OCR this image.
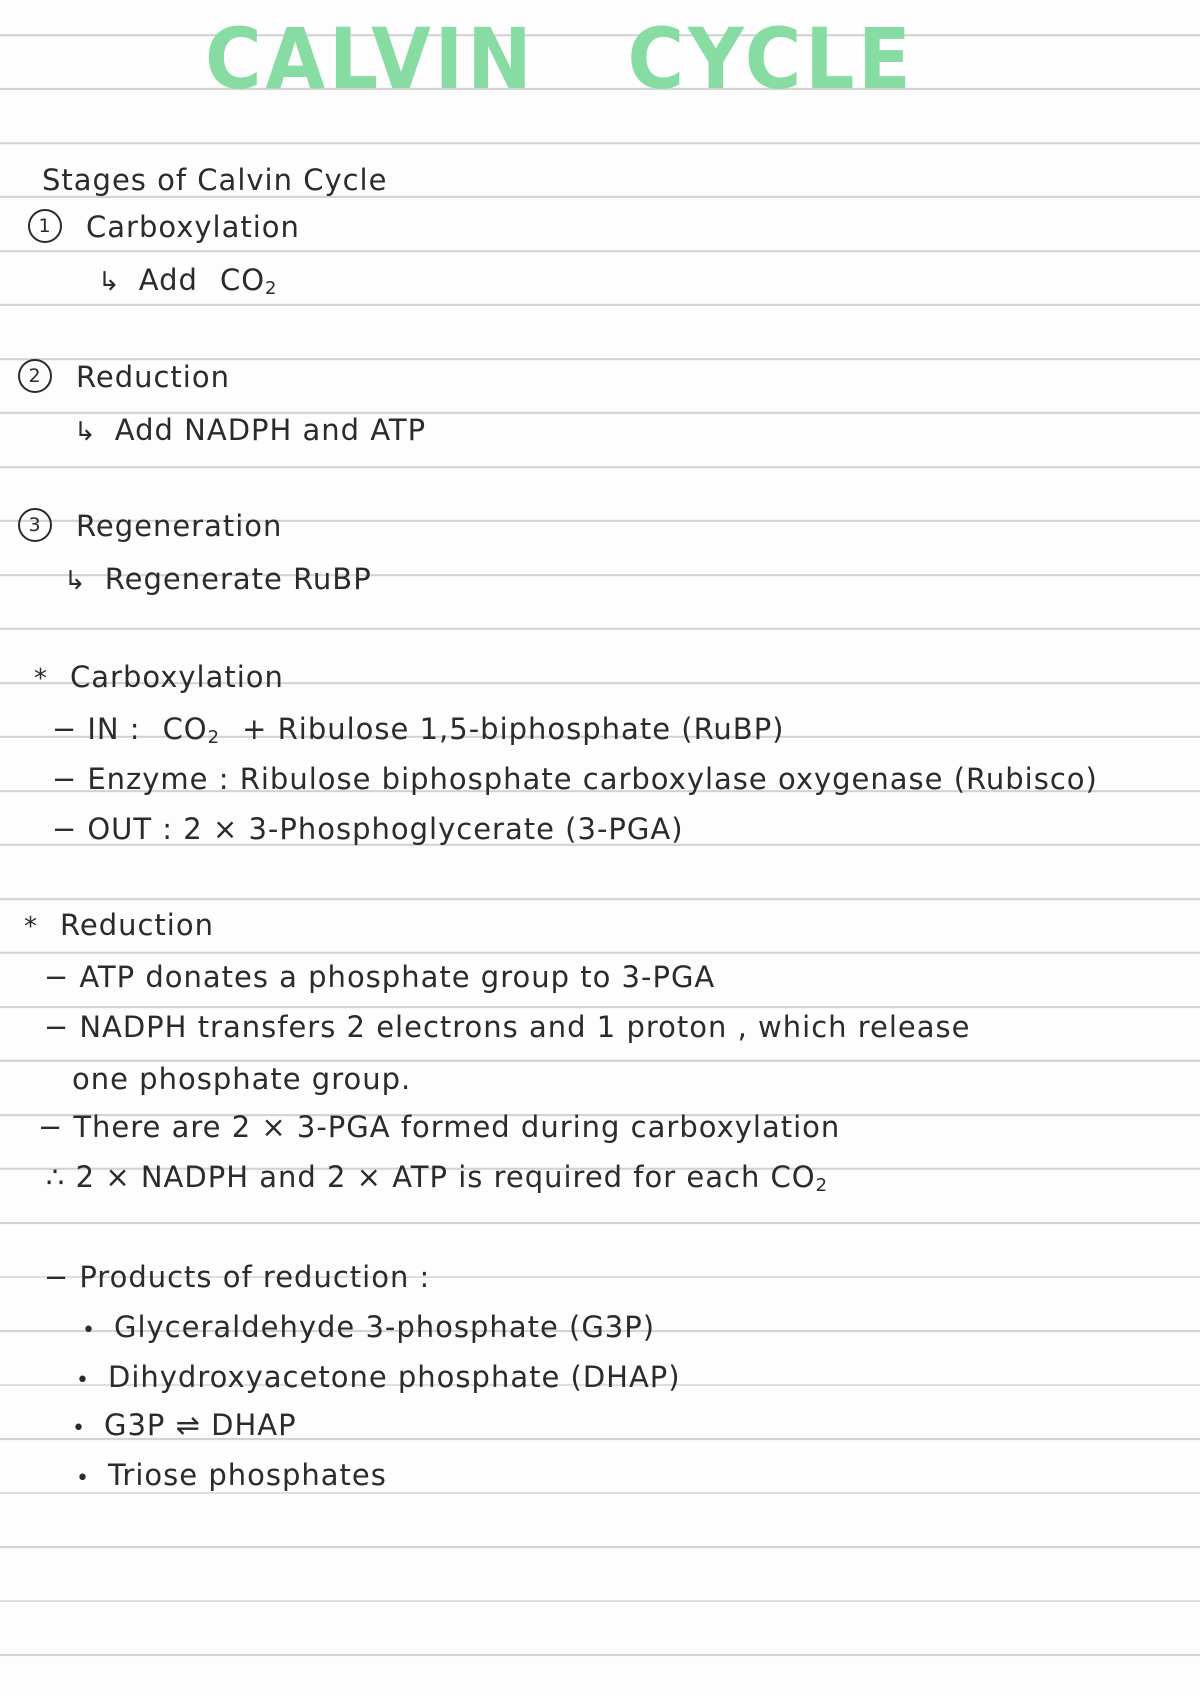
CALVIN CYCLE
Stages of Calvin Cycle
1 Carboxylation
↳ Add $CO_2$
2 Reduction
↳ Add NADPH and ATP
3 Regeneration
↳ Regenerate RuBP
* Carboxylation
− IN : $CO_2$ + Ribulose 1,5-biphosphate (RuBP)
− Enzyme : Ribulose biphosphate carboxylase oxygenase (Rubisco)
− OUT : 2 × 3-Phosphoglycerate (3-PGA)
* Reduction
− ATP donates a phosphate group to 3-PGA
− NADPH transfers 2 electrons and 1 proton , which release
one phosphate group.
− There are 2 × 3-PGA formed during carboxylation
∴ 2 × NADPH and 2 × ATP is required for each $CO_2$
− Products of reduction :
• Glyceraldehyde 3-phosphate (G3P)
• Dihydroxyacetone phosphate (DHAP)
• G3P ⇌ DHAP
• Triose phosphates
